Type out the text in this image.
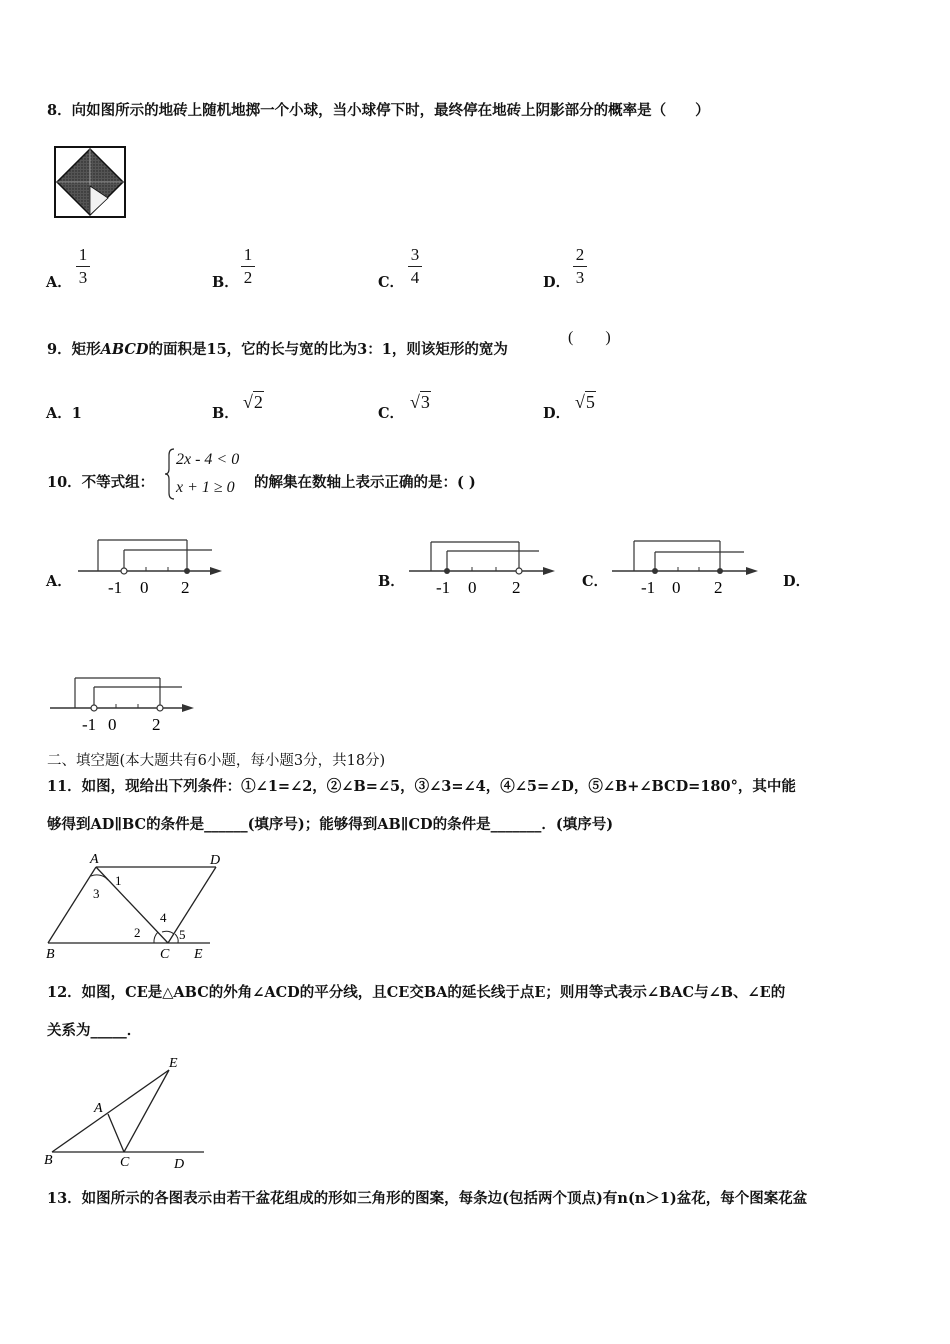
8．向如图所示的地砖上随机地掷一个小球，当小球停下时，最终停在地砖上阴影部分的概率是（　　）
A．
1
3	B．
1
2	C．
3
4	D．
2
3
9．矩形ABCD的面积是15，它的长与宽的比为3：1，则该矩形的宽为
(　　)
A．1	B．
√2
C．
√3
D．
√5
10．不等式组：
2x - 4 < 0
x + 1 ≥ 0 的解集在数轴上表示正确的是：( )
A． -1 0 2	B． -1 0 2	C． -1 0 2	D．
-1 0 2
二、填空题(本大题共有6小题，每小题3分，共18分)
11．如图，现给出下列条件：①∠1=∠2，②∠B=∠5，③∠3=∠4，④∠5=∠D，⑤∠B+∠BCD=180°，其中能
够得到AD∥BC的条件是______(填序号)；能够得到AB∥CD的条件是_______．(填序号)
A	D
1
3
4
2	5
B	C E
12．如图，CE是△ABC的外角∠ACD的平分线，且CE交BA的延长线于点E；则用等式表示∠BAC与∠B、∠E的
关系为_____．
E
A
B	C	D
13．如图所示的各图表示由若干盆花组成的形如三角形的图案，每条边(包括两个顶点)有n(n＞1)盆花，每个图案花盆
